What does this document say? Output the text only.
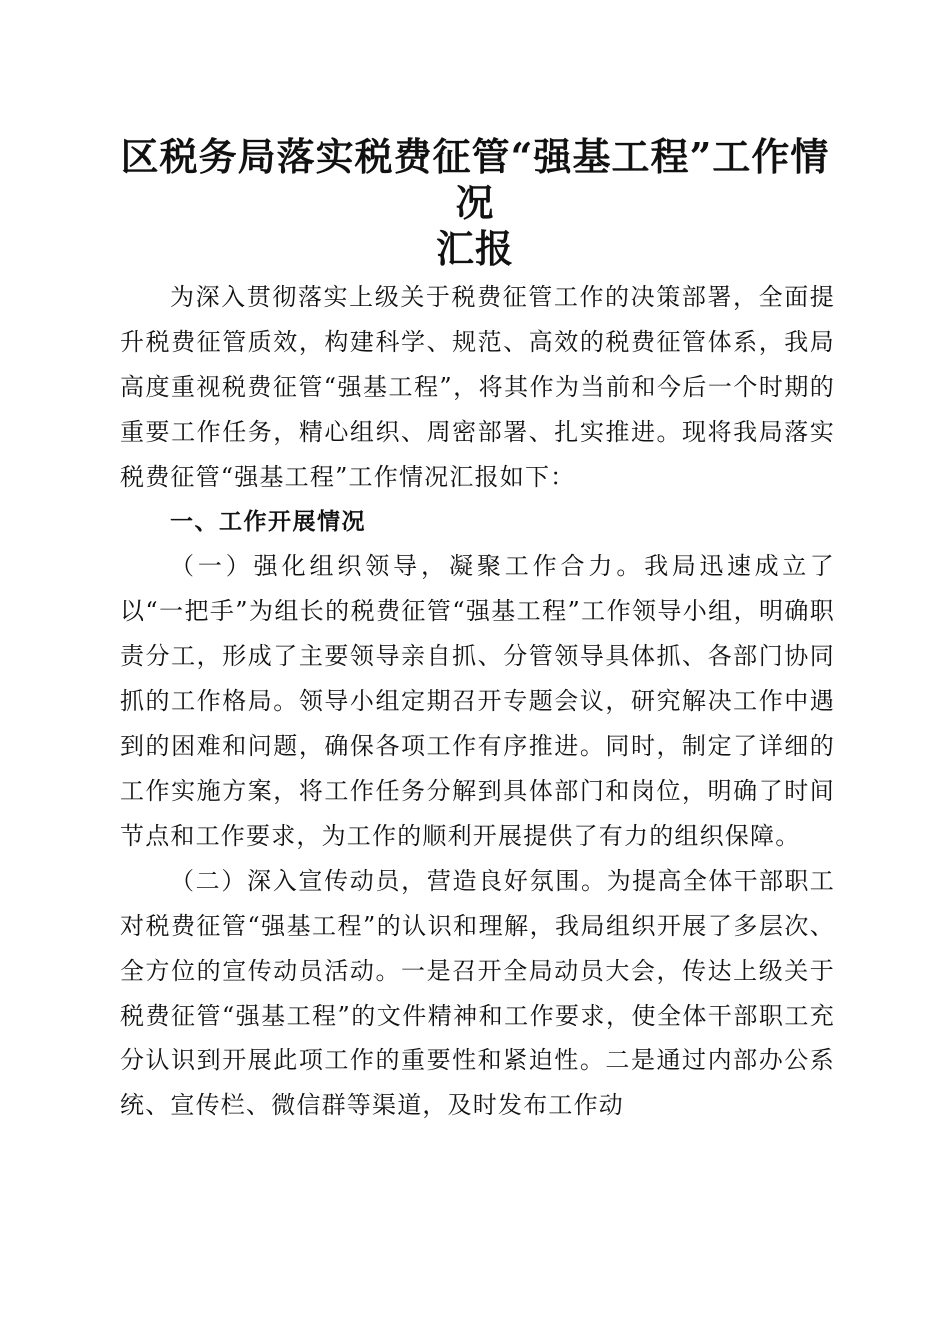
区税务局落实税费征管“强基工程”工作情况
汇报

为深入贯彻落实上级关于税费征管工作的决策部署，全面提升税费征管质效，构建科学、规范、高效的税费征管体系，我局高度重视税费征管“强基工程”，将其作为当前和今后一个时期的重要工作任务，精心组织、周密部署、扎实推进。现将我局落实税费征管“强基工程”工作情况汇报如下：

一、工作开展情况

（一）强化组织领导，凝聚工作合力。我局迅速成立了以“一把手”为组长的税费征管“强基工程”工作领导小组，明确职责分工，形成了主要领导亲自抓、分管领导具体抓、各部门协同抓的工作格局。领导小组定期召开专题会议，研究解决工作中遇到的困难和问题，确保各项工作有序推进。同时，制定了详细的工作实施方案，将工作任务分解到具体部门和岗位，明确了时间节点和工作要求，为工作的顺利开展提供了有力的组织保障。

（二）深入宣传动员，营造良好氛围。为提高全体干部职工对税费征管“强基工程”的认识和理解，我局组织开展了多层次、全方位的宣传动员活动。一是召开全局动员大会，传达上级关于税费征管“强基工程”的文件精神和工作要求，使全体干部职工充分认识到开展此项工作的重要性和紧迫性。二是通过内部办公系统、宣传栏、微信群等渠道，及时发布工作动
